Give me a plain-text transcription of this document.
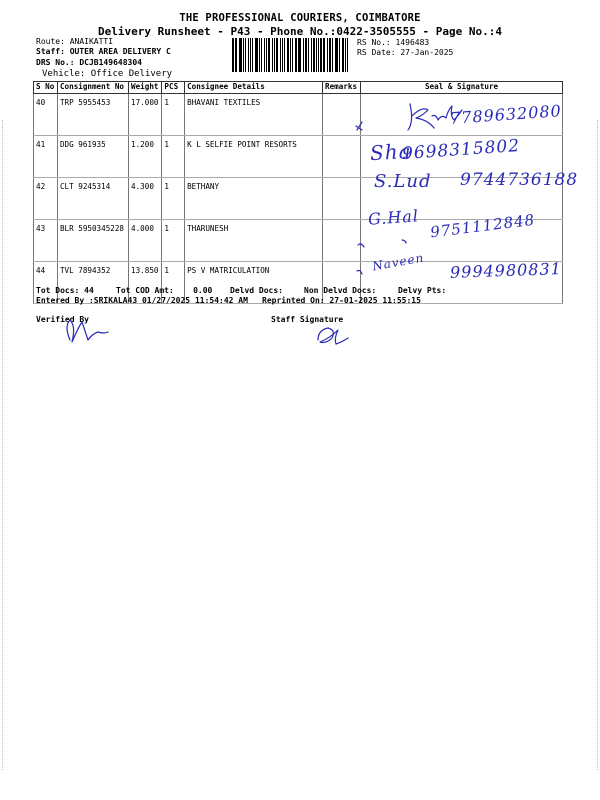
THE PROFESSIONAL COURIERS, COIMBATORE
Delivery Runsheet - P43 - Phone No.:0422-3505555 - Page No.:4
Route: ANAIKATTI
Staff: OUTER AREA DELIVERY C
DRS No.: DCJB149648304
Vehicle: Office Delivery
RS No.: 1496483
RS Date: 27-Jan-2025
S No	Consignment No	Weight	PCS	Consignee Details	Remarks	Seal & Signature
40	TRP 5955453	17.000	1	BHAVANI TEXTILES		
41	DDG 961935	1.200	1	K L SELFIE POINT RESORTS		
42	CLT 9245314	4.300	1	BETHANY		
43	BLR 5950345228	4.000	1	THARUNESH		
44	TVL 7894352	13.850	1	PS V MATRICULATION		
7789632080
Sha
9698315802
S.Lud 9744736188
G.Hal 9751112848
Naveen 9994980831
Tot Docs: 44	Tot COD Amt:    0.00 Delvd Docs:	Non Delvd Docs:	Delvy Pts:
Entered By :SRIKALA43 01/27/2025 11:54:42 AM Reprinted On: 27-01-2025 11:55:15
Verified By	Staff Signature
